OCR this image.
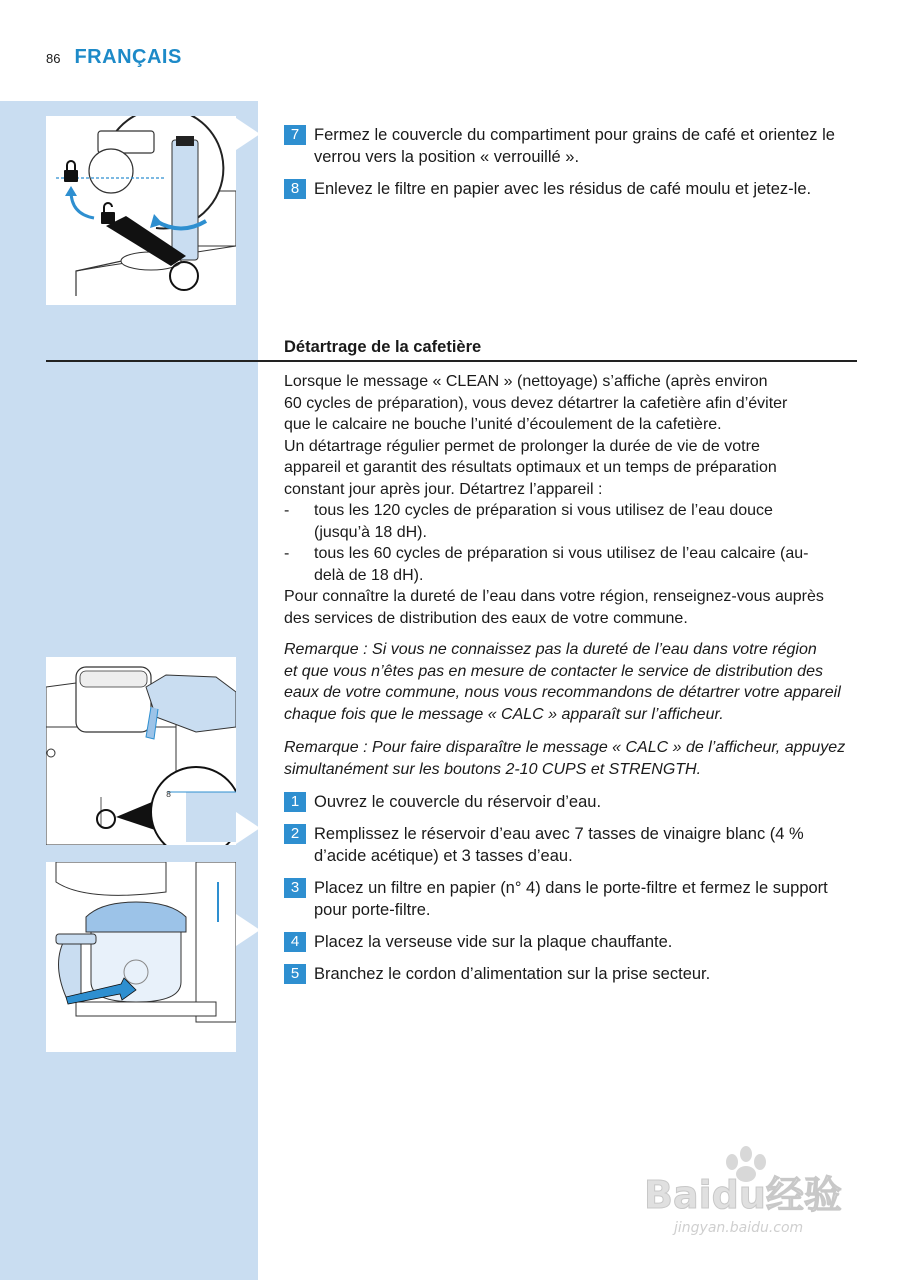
86 FRANÇAIS
8
7 Fermez le couvercle du compartiment pour grains de café et orientez le verrou vers la position « verrouillé ».
8 Enlevez le filtre en papier avec les résidus de café moulu et jetez-le.
Détartrage de la cafetière
Lorsque le message « CLEAN » (nettoyage) s’affiche (après environ
60 cycles de préparation), vous devez détartrer la cafetière afin d’éviter
que le calcaire ne bouche l’unité d’écoulement de la cafetière.
Un détartrage régulier permet de prolonger la durée de vie de votre
appareil et garantit des résultats optimaux et un temps de préparation
constant jour après jour. Détartrez l’appareil :
-	tous les 120 cycles de préparation si vous utilisez de l’eau douce
(jusqu’à 18 dH).
-	tous les 60 cycles de préparation si vous utilisez de l’eau calcaire (au-
delà de 18 dH).
Pour connaître la dureté de l’eau dans votre région, renseignez-vous auprès
des services de distribution des eaux de votre commune.
Remarque : Si vous ne connaissez pas la dureté de l’eau dans votre région
et que vous n’êtes pas en mesure de contacter le service de distribution des
eaux de votre commune, nous vous recommandons de détartrer votre appareil
chaque fois que le message « CALC » apparaît sur l’afficheur.
Remarque : Pour faire disparaître le message « CALC » de l’afficheur, appuyez
simultanément sur les boutons 2-10 CUPS et STRENGTH.
1 Ouvrez le couvercle du réservoir d’eau.
2 Remplissez le réservoir d’eau avec 7 tasses de vinaigre blanc (4 % d’acide acétique) et 3 tasses d’eau.
3 Placez un filtre en papier (n° 4) dans le porte-filtre et fermez le support pour porte-filtre.
4 Placez la verseuse vide sur la plaque chauffante.
5 Branchez le cordon d’alimentation sur la prise secteur.
Baidu经验
jingyan.baidu.com
